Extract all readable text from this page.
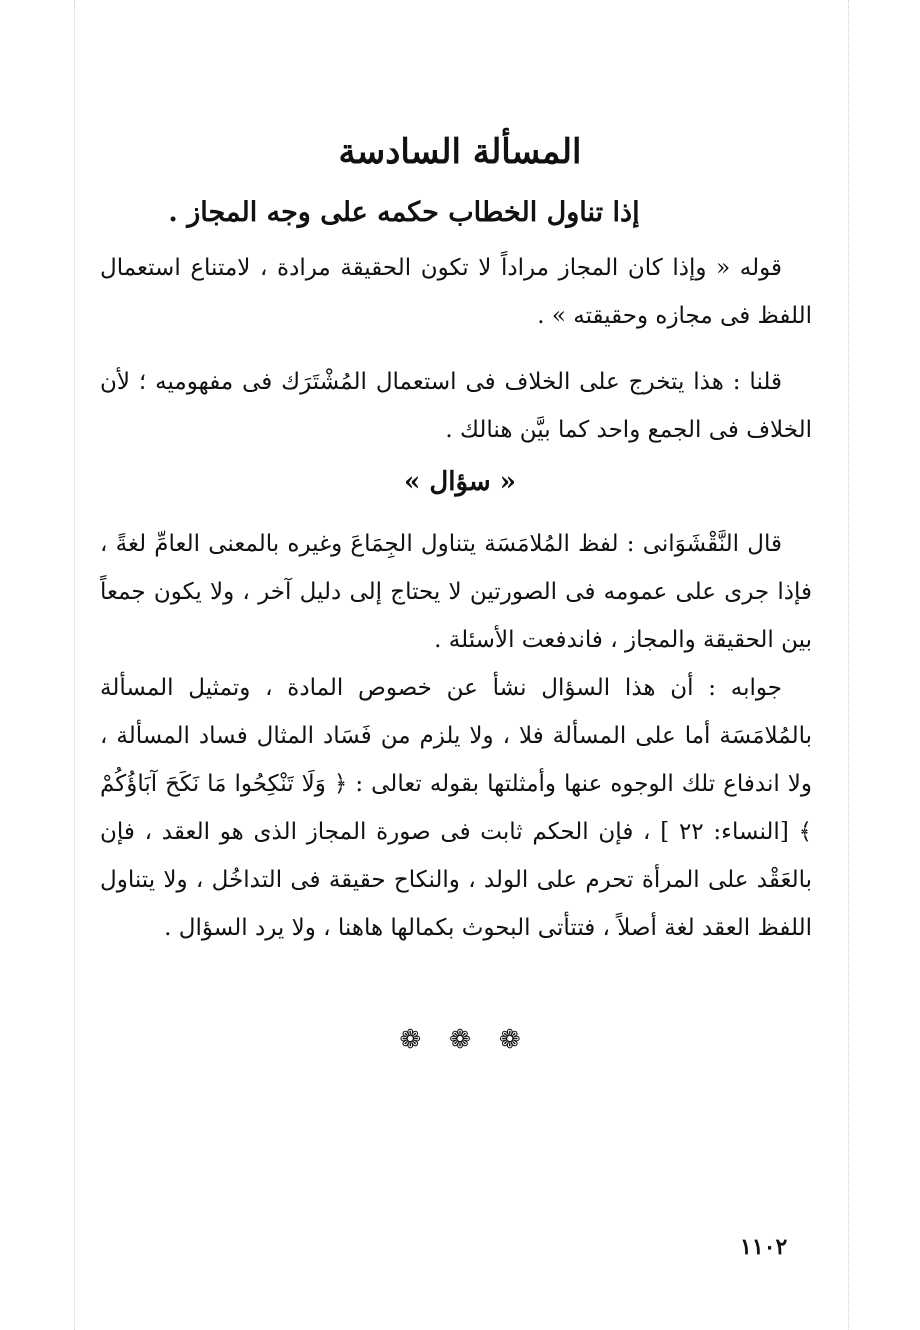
المسألة السادسة
إذا تناول الخطاب حكمه على وجه المجاز .

قوله « وإذا كان المجاز مراداً لا تكون الحقيقة مرادة ، لامتناع استعمال اللفظ فى مجازه وحقيقته » .

قلنا : هذا يتخرج على الخلاف فى استعمال المُشْتَرَك فى مفهوميه ؛ لأن الخلاف فى الجمع واحد كما بيَّن هنالك .

« سؤال »

قال النَّقْشَوَانى : لفظ المُلامَسَة يتناول الجِمَاعَ وغيره بالمعنى العامِّ لغةً ، فإذا جرى على عمومه فى الصورتين لا يحتاج إلى دليل آخر ، ولا يكون جمعاً بين الحقيقة والمجاز ، فاندفعت الأسئلة .

جوابه : أن هذا السؤال نشأ عن خصوص المادة ، وتمثيل المسألة بالمُلامَسَة أما على المسألة فلا ، ولا يلزم من فَسَاد المثال فساد المسألة ، ولا اندفاع تلك الوجوه عنها وأمثلتها بقوله تعالى : ﴿ وَلَا تَنْكِحُوا مَا نَكَحَ آبَاؤُكُمْ ﴾ [النساء: ٢٢ ] ، فإن الحكم ثابت فى صورة المجاز الذى هو العقد ، فإن بالعَقْد على المرأة تحرم على الولد ، والنكاح حقيقة فى التداخُل ، ولا يتناول اللفظ العقد لغة أصلاً ، فتتأتى البحوث بكمالها هاهنا ، ولا يرد السؤال .

❁❁❁
١١٠٢
